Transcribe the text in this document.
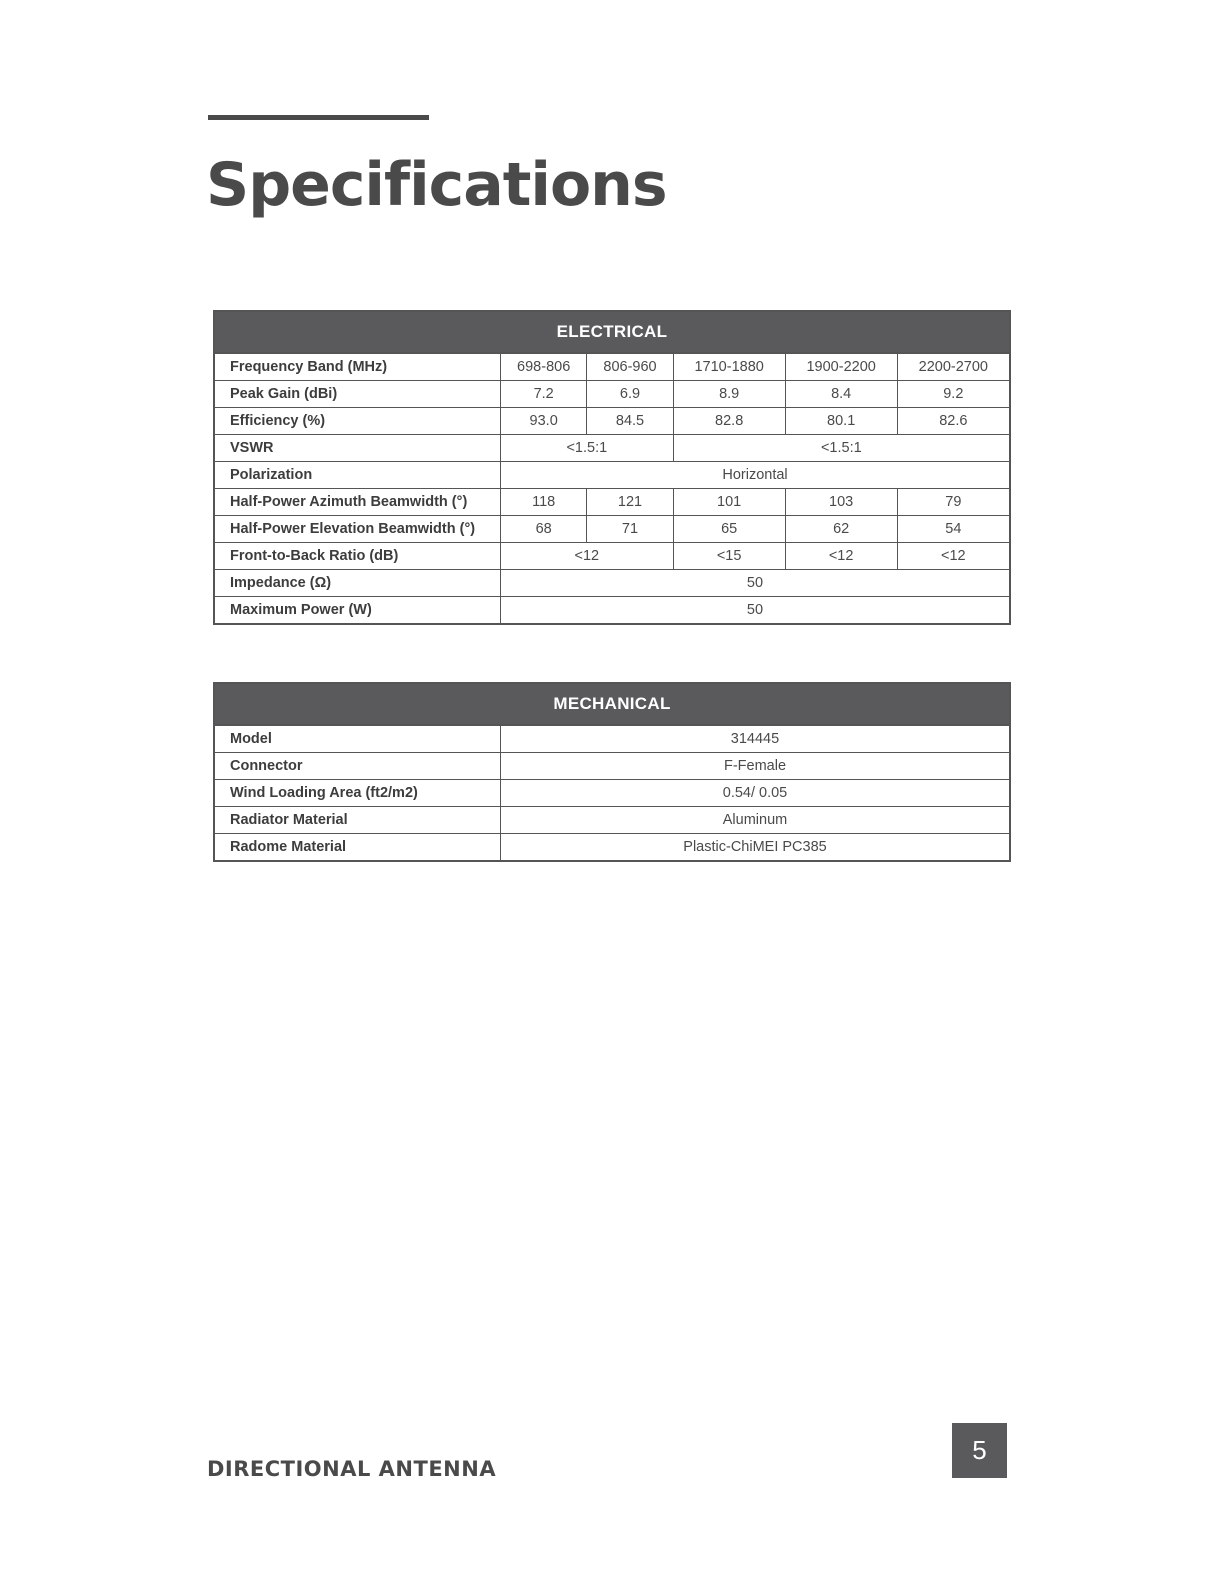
Specifications
ELECTRICAL					
Frequency Band (MHz)	698-806	806-960	1710-1880	1900-2200	2200-2700
Peak Gain (dBi)	7.2	6.9	8.9	8.4	9.2
Efficiency (%)	93.0	84.5	82.8	80.1	82.6
VSWR	<1.5:1		<1.5:1		
Polarization	Horizontal				
Half-Power Azimuth Beamwidth (°)	118	121	101	103	79
Half-Power Elevation Beamwidth (°)	68	71	65	62	54
Front-to-Back Ratio (dB)	<12		<15	<12	<12
Impedance (Ω)	50				
Maximum Power (W)	50				
MECHANICAL	
Model	314445
Connector	F-Female
Wind Loading Area (ft2/m2)	0.54/ 0.05
Radiator Material	Aluminum
Radome Material	Plastic-ChiMEI PC385
DIRECTIONAL ANTENNA
5
